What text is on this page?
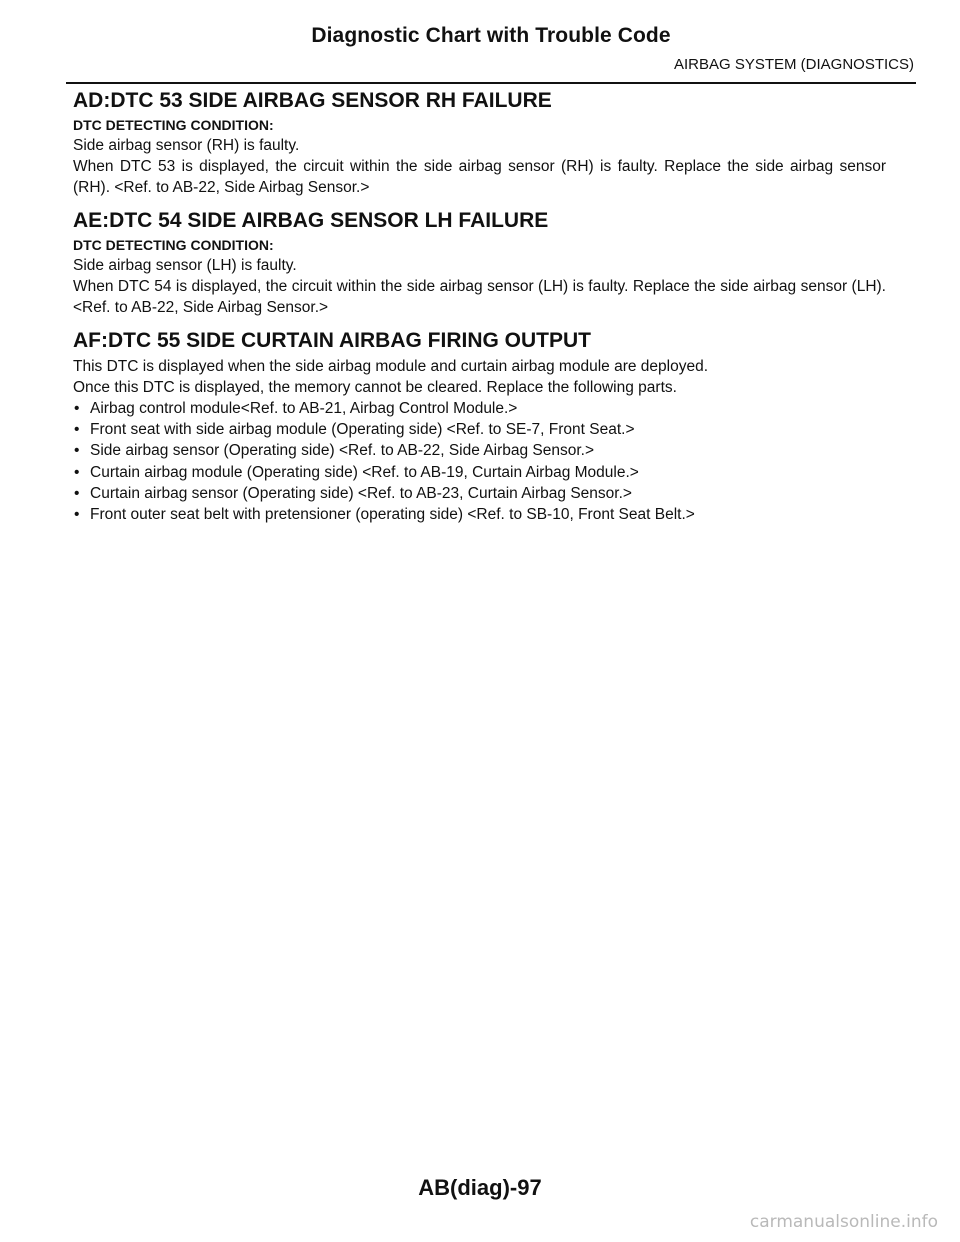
Diagnostic Chart with Trouble Code
AIRBAG SYSTEM (DIAGNOSTICS)
AD:DTC 53 SIDE AIRBAG SENSOR RH FAILURE
DTC DETECTING CONDITION:
Side airbag sensor (RH) is faulty.
When DTC 53 is displayed, the circuit within the side airbag sensor (RH) is faulty. Replace the side airbag sensor (RH). <Ref. to AB-22, Side Airbag Sensor.>
AE:DTC 54 SIDE AIRBAG SENSOR LH FAILURE
DTC DETECTING CONDITION:
Side airbag sensor (LH) is faulty.
When DTC 54 is displayed, the circuit within the side airbag sensor (LH) is faulty. Replace the side airbag sensor (LH). <Ref. to AB-22, Side Airbag Sensor.>
AF:DTC 55 SIDE CURTAIN AIRBAG FIRING OUTPUT
This DTC is displayed when the side airbag module and curtain airbag module are deployed.
Once this DTC is displayed, the memory cannot be cleared. Replace the following parts.
• Airbag control module<Ref. to AB-21, Airbag Control Module.>
• Front seat with side airbag module (Operating side) <Ref. to SE-7, Front Seat.>
• Side airbag sensor (Operating side) <Ref. to AB-22, Side Airbag Sensor.>
• Curtain airbag module (Operating side) <Ref. to AB-19, Curtain Airbag Module.>
• Curtain airbag sensor (Operating side) <Ref. to AB-23, Curtain Airbag Sensor.>
• Front outer seat belt with pretensioner (operating side) <Ref. to SB-10, Front Seat Belt.>
AB(diag)-97
carmanualsonline.info
